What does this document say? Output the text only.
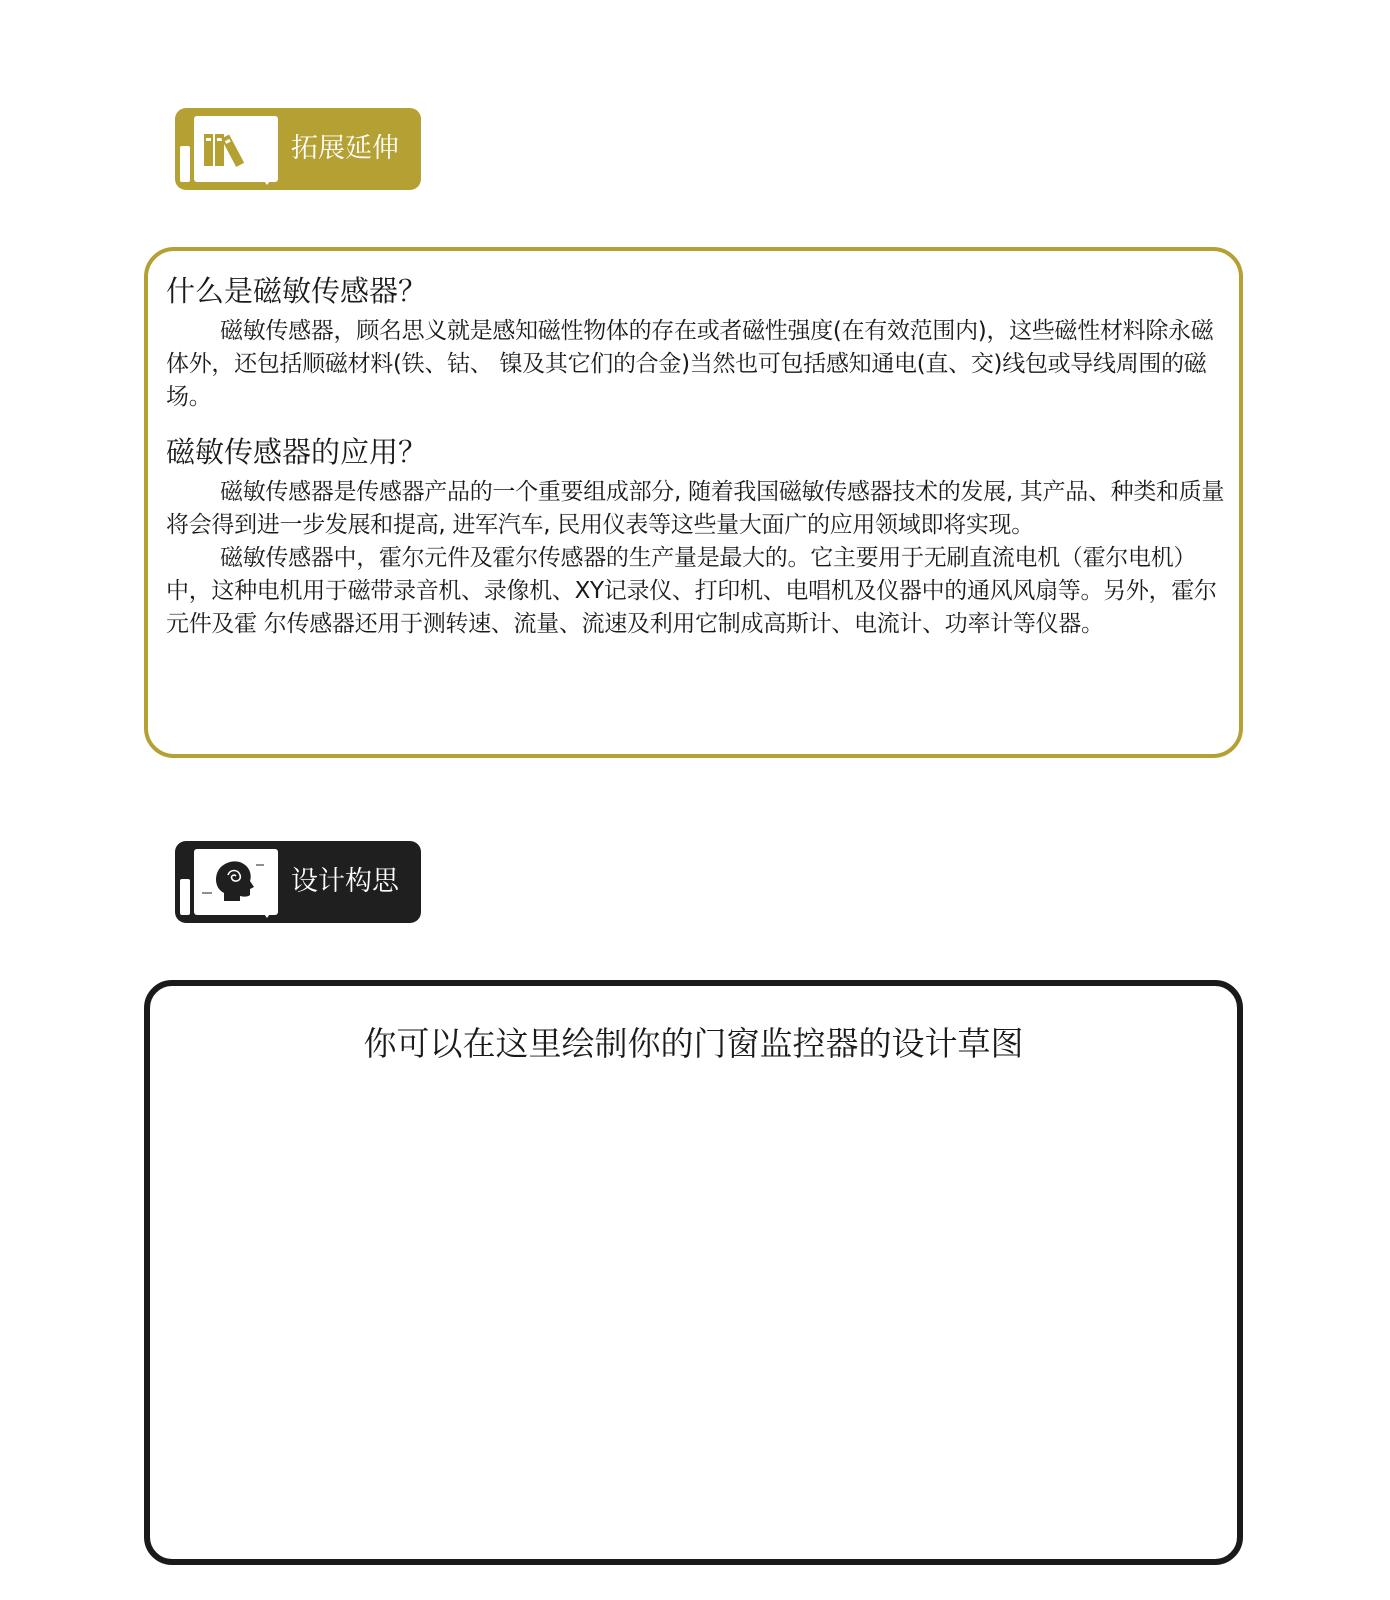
拓展延伸
什么是磁敏传感器？

磁敏传感器，顾名思义就是感知磁性物体的存在或者磁性强度(在有效范围内)，这些磁性材料除永磁体外，还包括顺磁材料(铁、钴、 镍及其它们的合金)当然也可包括感知通电(直、交)线包或导线周围的磁场。

磁敏传感器的应用？

磁敏传感器是传感器产品的一个重要组成部分, 随着我国磁敏传感器技术的发展, 其产品、种类和质量将会得到进一步发展和提高, 进军汽车, 民用仪表等这些量大面广的应用领域即将实现。

磁敏传感器中，霍尔元件及霍尔传感器的生产量是最大的。它主要用于无刷直流电机（霍尔电机）中，这种电机用于磁带录音机、录像机、XY记录仪、打印机、电唱机及仪器中的通风风扇等。另外，霍尔元件及霍 尔传感器还用于测转速、流量、流速及利用它制成高斯计、电流计、功率计等仪器。

设计构思
你可以在这里绘制你的门窗监控器的设计草图
